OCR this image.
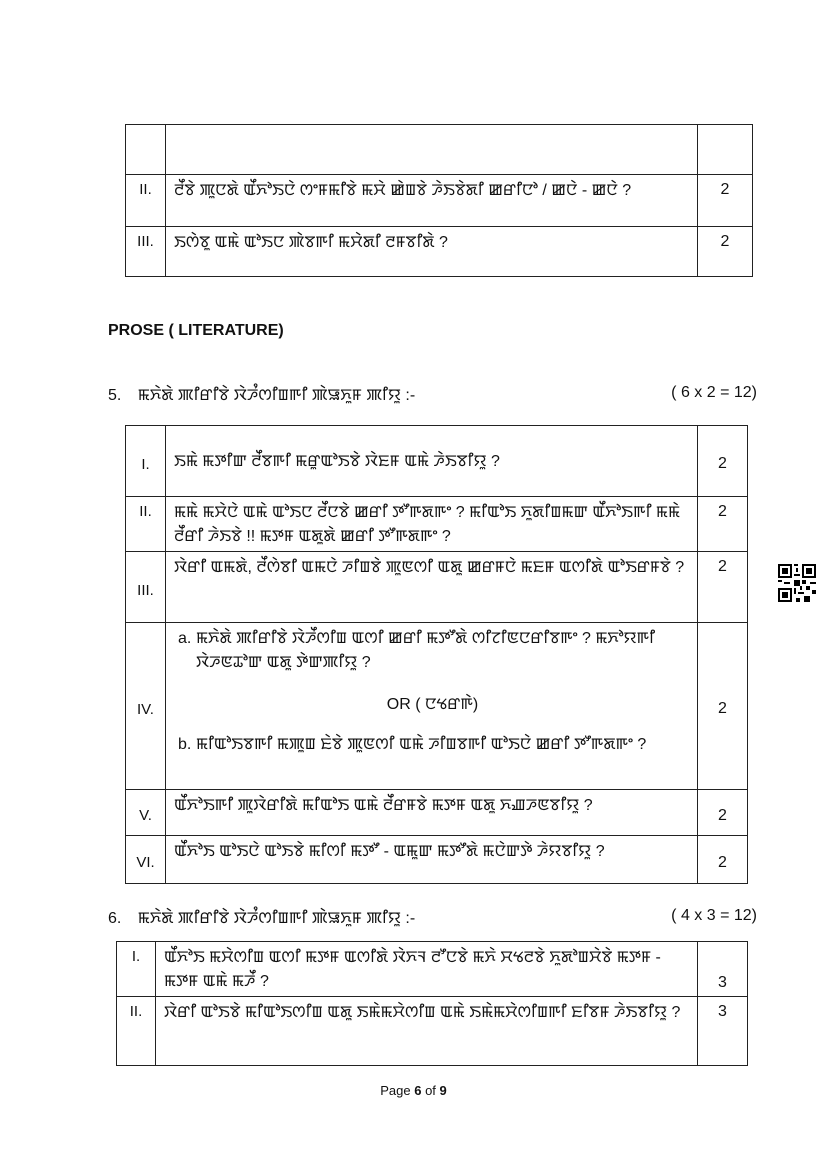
II.	ꯂꯩꯕꯥ ꯄꯨꯅꯗꯥ ꯑꯩꯈꯣꯏꯅꯥ ꯁꯦꯝꯃꯤꯕꯥ ꯃꯆꯥ ꯀꯥꯡꯕꯥ ꯍꯥꯏꯕꯥꯗꯤ ꯀꯔꯤꯅꯣ / ꯀꯅꯥ - ꯀꯅꯥ ?	2
III.	ꯏꯁꯥꯕꯨ ꯑꯃꯥ ꯑꯣꯏꯅ ꯄꯥꯕꯒꯤ ꯃꯆꯥꯗꯤ ꯂꯝꯕꯤꯗꯥ ?	2
PROSE ( LITERATURE)
5. ꯃꯈꯥꯗꯥ ꯄꯤꯔꯤꯕꯥ ꯋꯥꯍꯪꯁꯤꯡꯒꯤ ꯄꯥꯎꯈꯨꯝ ꯄꯤꯌꯨ :-	( 6 x 2 = 12)
I.	ꯏꯃꯥ ꯃꯇꯤꯛ ꯂꯩꯕꯒꯤ ꯃꯔꯨꯑꯣꯏꯕꯥ ꯋꯥꯐꯝ ꯑꯃꯥ ꯍꯥꯏꯕꯤꯌꯨ ?	2
II.	ꯃꯃꯥ ꯃꯆꯥꯅꯥ ꯑꯃꯥ ꯑꯣꯏꯅ ꯂꯩꯅꯕꯥ ꯀꯔꯤ ꯇꯧꯒꯗꯒꯦ ? ꯃꯤꯑꯣꯏ ꯈꯨꯗꯤꯡꯃꯛ ꯑꯩꯈꯣꯏꯒꯤ ꯃꯃꯥ ꯂꯩꯔꯤ ꯍꯥꯏꯕꯥ !! ꯃꯇꯝ ꯑꯗꯨꯗꯥ ꯀꯔꯤ ꯇꯧꯒꯗꯒꯦ ?	2
III.	ꯋꯥꯔꯤ ꯑꯃꯗꯥ, ꯂꯩꯁꯥꯕꯤ ꯑꯃꯅꯥ ꯍꯤꯡꯕꯥ ꯄꯨꯟꯁꯤ ꯑꯗꯨ ꯀꯔꯝꯅꯥ ꯃꯐꯝ ꯑꯁꯤꯗꯥ ꯑꯣꯏꯔꯝꯕꯥ ?	2
IV.	a. ꯃꯈꯥꯗꯥ ꯄꯤꯔꯤꯕꯥ ꯋꯥꯍꯩꯁꯤꯡ ꯑꯁꯤ ꯀꯔꯤ ꯃꯇꯧꯗꯥ ꯁꯤꯖꯤꯟꯅꯔꯤꯕꯒꯦ ? ꯃꯈꯣꯌꯒꯤ ꯋꯥꯍꯟꯊꯣꯛ ꯑꯗꯨ ꯇꯥꯛꯄꯤꯌꯨ ?
OR ( ꯅꯠꯔꯒꯥ)
b. ꯃꯤꯑꯣꯏꯕꯒꯤ ꯃꯄꯨꯡ ꯐꯥꯕꯥ ꯄꯨꯟꯁꯤ ꯑꯃꯥ ꯍꯤꯡꯕꯒꯤ ꯑꯣꯏꯅꯥ ꯀꯔꯤ ꯇꯧꯒꯗꯒꯦ ?	2
V.	ꯑꯩꯈꯣꯏꯒꯤ ꯄꯨꯋꯥꯔꯤꯗꯥ ꯃꯤꯑꯣꯏ ꯑꯃꯥ ꯂꯩꯔꯝꯕꯥ ꯃꯇꯝ ꯑꯗꯨ ꯈꯉꯍꯟꯕꯤꯌꯨ ?	2
VI.	ꯑꯩꯈꯣꯏ ꯑꯣꯏꯅꯥ ꯑꯣꯏꯕꯥ ꯃꯤꯁꯤ ꯃꯇꯧ - ꯑꯃꯨꯛ ꯃꯇꯧꯗꯥ ꯃꯅꯥꯛꯇꯥ ꯍꯥꯌꯕꯤꯌꯨ ?	2
6. ꯃꯈꯥꯗꯥ ꯄꯤꯔꯤꯕꯥ ꯋꯥꯍꯪꯁꯤꯡꯒꯤ ꯄꯥꯎꯈꯨꯝ ꯄꯤꯌꯨ :-	( 4 x 3 = 12)
I.	ꯑꯩꯈꯣꯏ ꯃꯆꯥꯁꯤꯡ ꯑꯁꯤ ꯃꯇꯝ ꯑꯁꯤꯗꯥ ꯋꯥꯈꯜ ꯂꯧꯅꯕꯥ ꯃꯈꯥ ꯆꯠꯂꯕꯥ ꯈꯨꯗꯣꯡꯆꯥꯕꯥ ꯃꯇꯝ - ꯃꯇꯝ ꯑꯃꯥ ꯃꯍꯩ ?	3
II.	ꯋꯥꯔꯤ ꯑꯣꯏꯕꯥ ꯃꯤꯑꯣꯏꯁꯤꯡ ꯑꯗꯨ ꯏꯃꯥꯃꯆꯥꯁꯤꯡ ꯑꯃꯥ ꯏꯃꯥꯃꯆꯥꯁꯤꯡꯒꯤ ꯐꯤꯕꯝ ꯍꯥꯏꯕꯤꯌꯨ ?	3
Page 6 of 9
